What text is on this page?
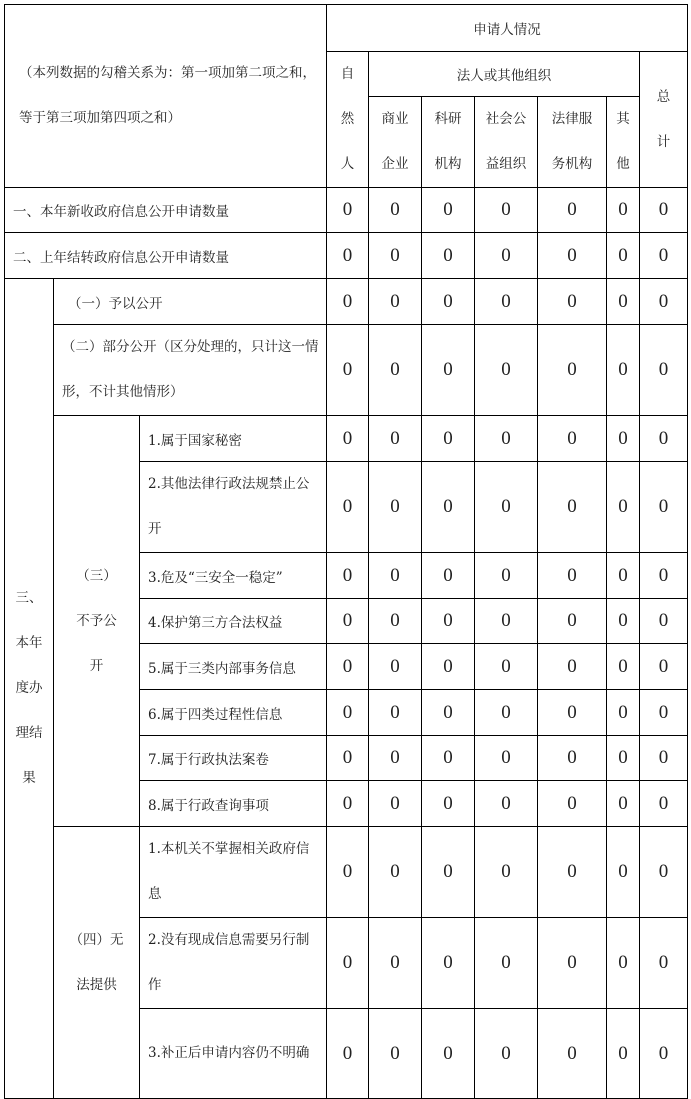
（本列数据的勾稽关系为：第一项加第二项之和，等于第三项加第四项之和）			申请人情况						
			自然人	法人或其他组织					总计
				商业企业	科研机构	社会公益组织	法律服务机构	其他	
一、本年新收政府信息公开申请数量			0	0	0	0	0	0	0
二、上年结转政府信息公开申请数量			0	0	0	0	0	0	0
三、本年度办理结果	（一）予以公开		0	0	0	0	0	0	0
	（二）部分公开（区分处理的，只计这一情形，不计其他情形）		0	0	0	0	0	0	0
	（三）不予公开	1.属于国家秘密	0	0	0	0	0	0	0
		2.其他法律行政法规禁止公开	0	0	0	0	0	0	0
		3.危及“三安全一稳定”	0	0	0	0	0	0	0
		4.保护第三方合法权益	0	0	0	0	0	0	0
		5.属于三类内部事务信息	0	0	0	0	0	0	0
		6.属于四类过程性信息	0	0	0	0	0	0	0
		7.属于行政执法案卷	0	0	0	0	0	0	0
		8.属于行政查询事项	0	0	0	0	0	0	0
	（四）无法提供	1.本机关不掌握相关政府信息	0	0	0	0	0	0	0
		2.没有现成信息需要另行制作	0	0	0	0	0	0	0
		3.补正后申请内容仍不明确	0	0	0	0	0	0	0
